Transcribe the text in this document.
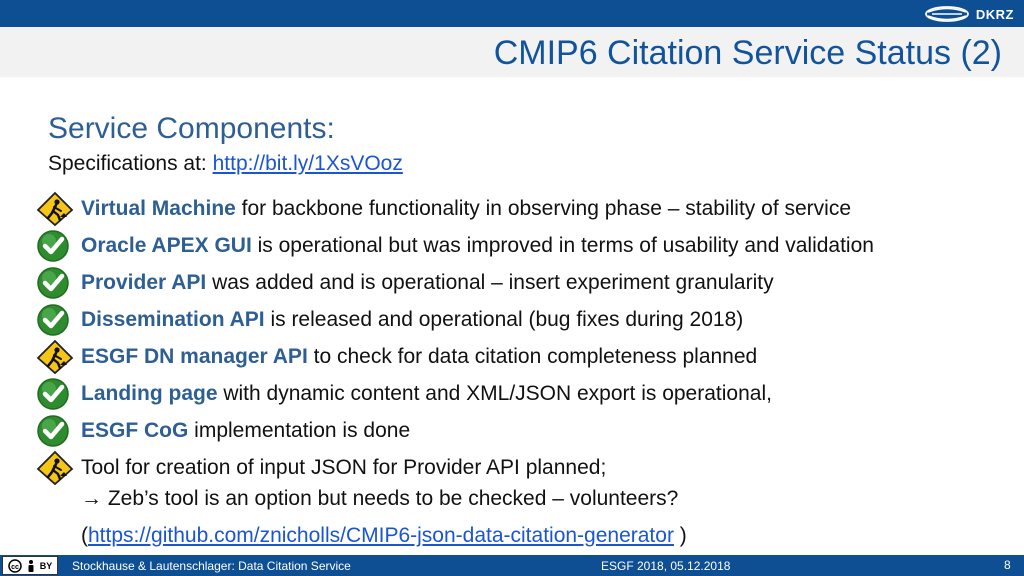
DKRZ
CMIP6 Citation Service Status (2)
Service Components:
Specifications at: http://bit.ly/1XsVOoz
Virtual Machine for backbone functionality in observing phase – stability of service
Oracle APEX GUI is operational but was improved in terms of usability and validation
Provider API was added and is operational – insert experiment granularity
Dissemination API is released and operational (bug fixes during 2018)
ESGF DN manager API to check for data citation completeness planned
Landing page with dynamic content and XML/JSON export is operational,
ESGF CoG implementation is done
Tool for creation of input JSON for Provider API planned;
→ Zeb’s tool is an option but needs to be checked – volunteers?
(https://github.com/znicholls/CMIP6-json-data-citation-generator )
cc BY Stockhause & Lautenschlager: Data Citation Service	ESGF 2018, 05.12.2018	8
